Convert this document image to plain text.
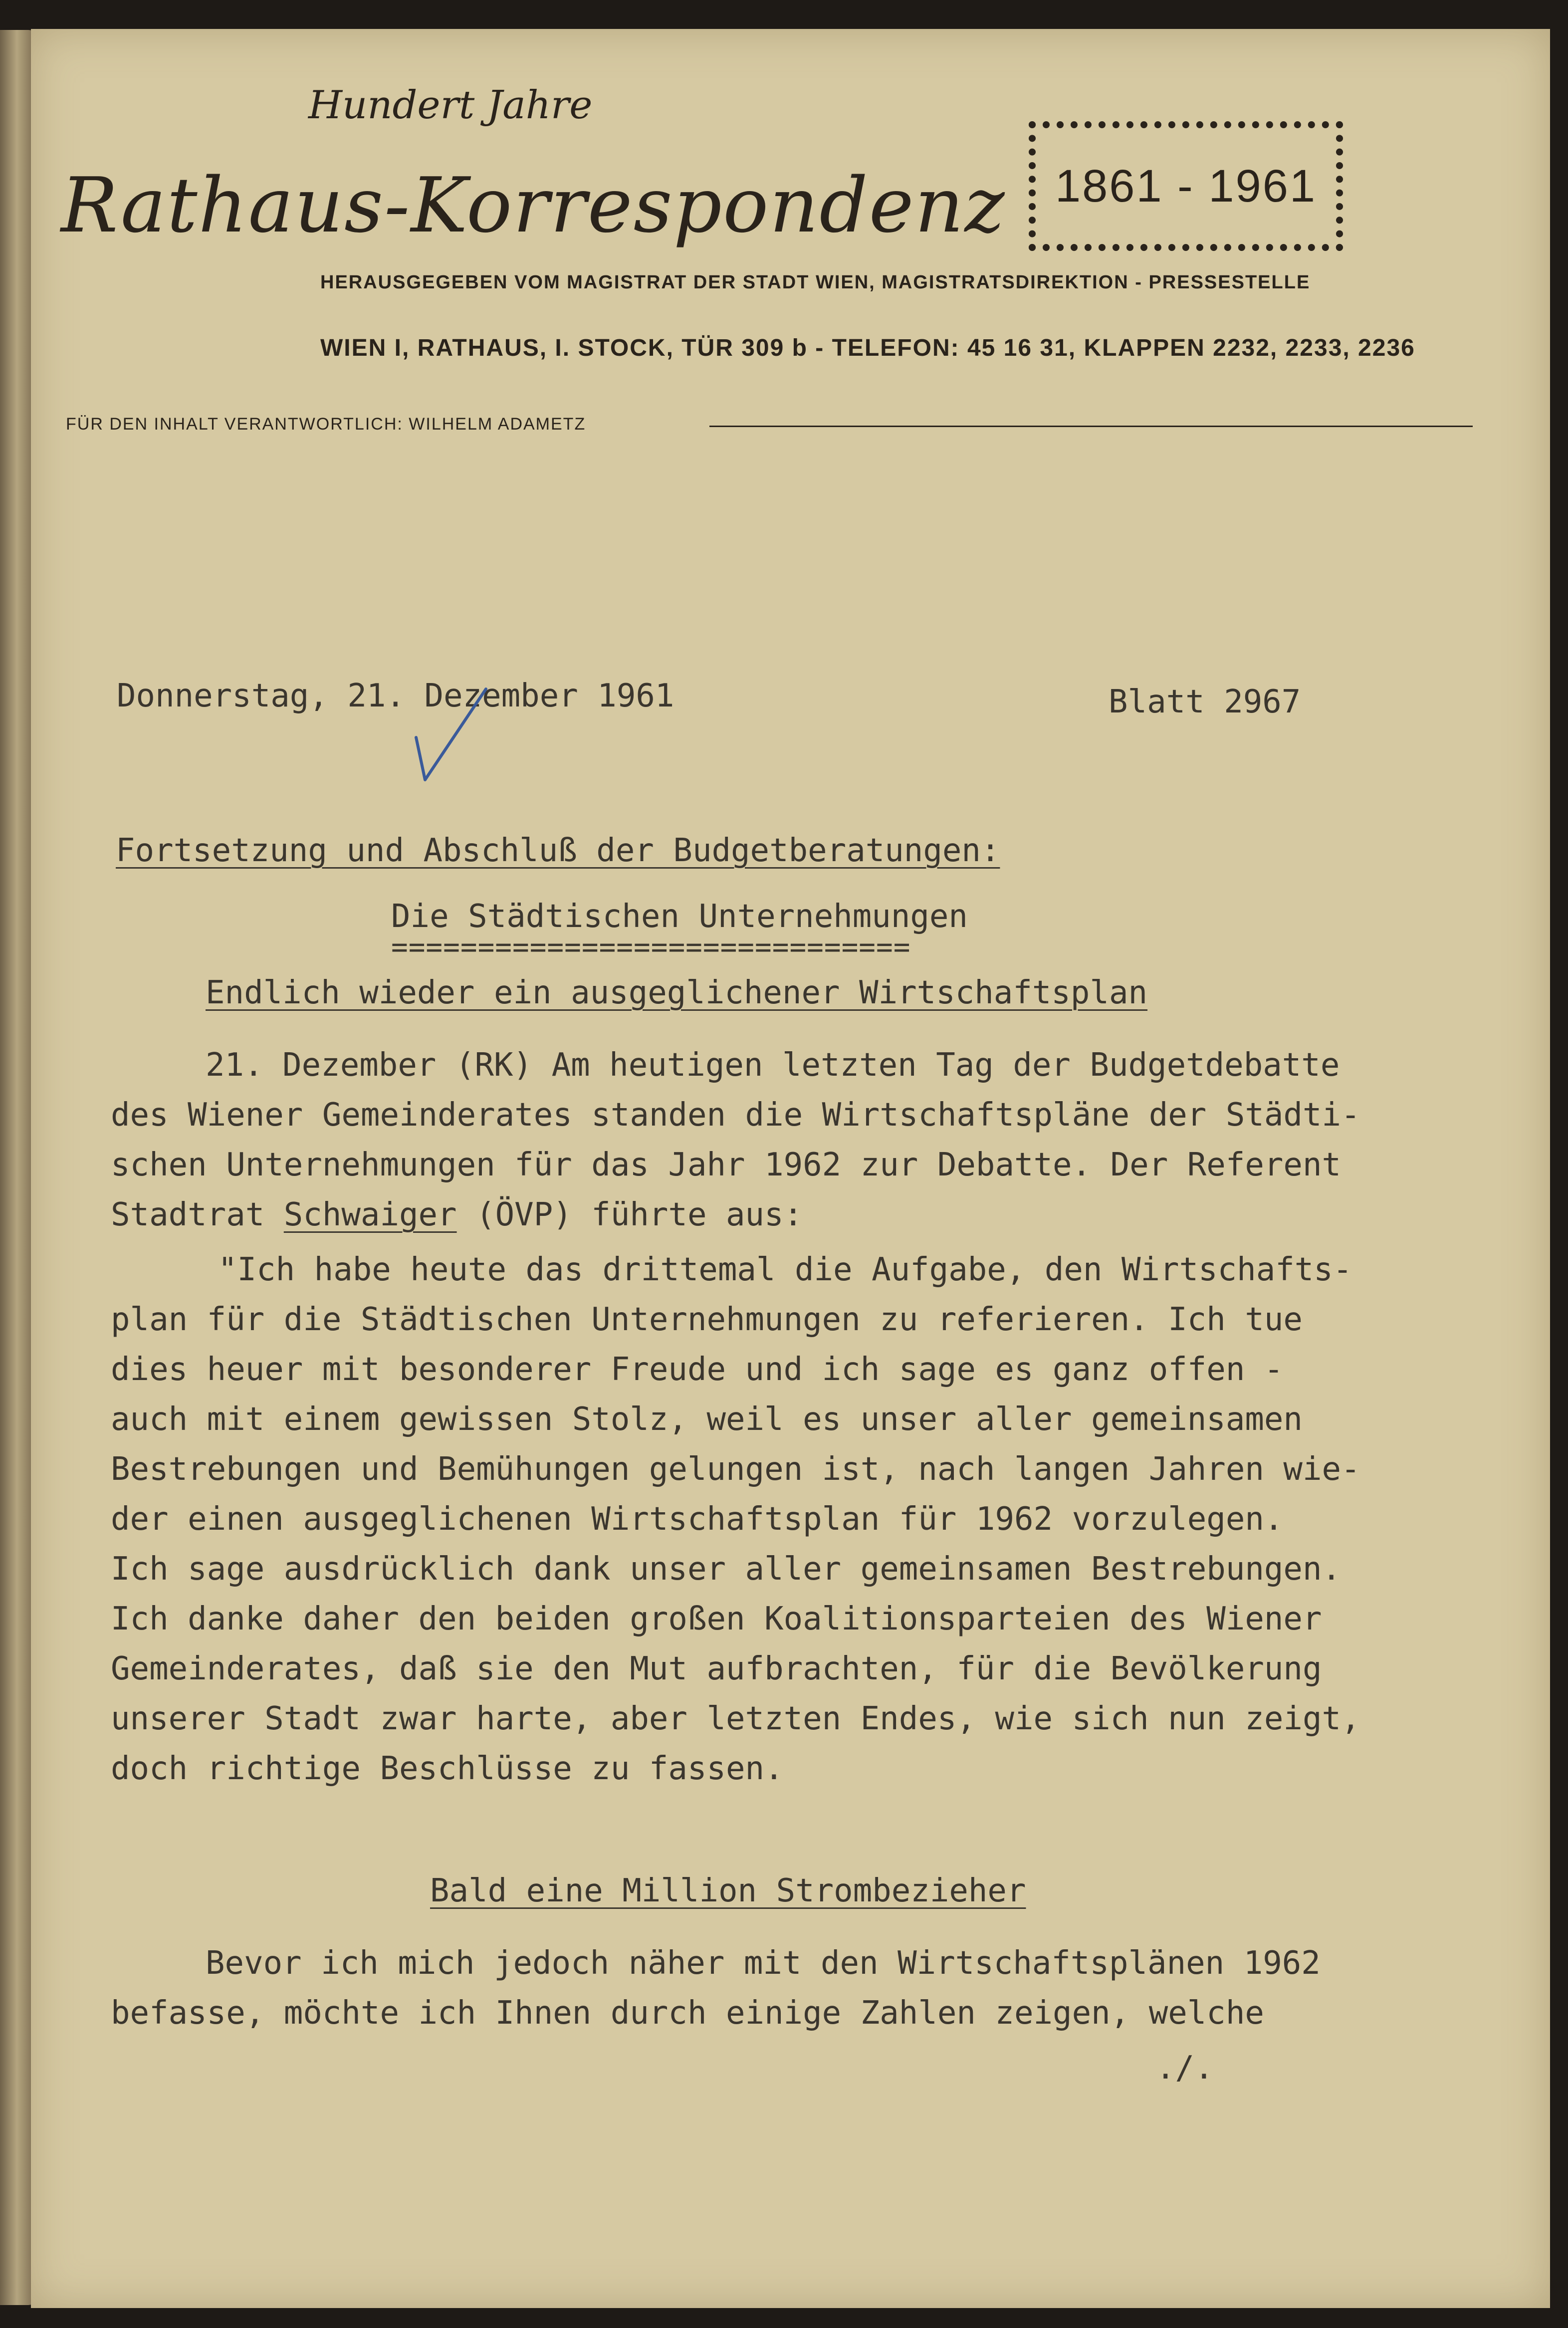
Hundert Jahre
Rathaus-Korrespondenz 1861 - 1961
HERAUSGEGEBEN VOM MAGISTRAT DER STADT WIEN, MAGISTRATSDIREKTION - PRESSESTELLE
WIEN I, RATHAUS, I. STOCK, TÜR 309 b - TELEFON: 45 16 31, KLAPPEN 2232, 2233, 2236
FÜR DEN INHALT VERANTWORTLICH: WILHELM ADAMETZ
Donnerstag, 21. Dezember 1961	Blatt 2967
Fortsetzung und Abschluß der Budgetberatungen:
Die Städtischen Unternehmungen
==============================
Endlich wieder ein ausgeglichener Wirtschaftsplan
21. Dezember (RK) Am heutigen letzten Tag der Budgetdebatte
des Wiener Gemeinderates standen die Wirtschaftspläne der Städti-
schen Unternehmungen für das Jahr 1962 zur Debatte. Der Referent
Stadtrat Schwaiger (ÖVP) führte aus:
"Ich habe heute das drittemal die Aufgabe, den Wirtschafts-
plan für die Städtischen Unternehmungen zu referieren. Ich tue
dies heuer mit besonderer Freude und ich sage es ganz offen -
auch mit einem gewissen Stolz, weil es unser aller gemeinsamen
Bestrebungen und Bemühungen gelungen ist, nach langen Jahren wie-
der einen ausgeglichenen Wirtschaftsplan für 1962 vorzulegen.
Ich sage ausdrücklich dank unser aller gemeinsamen Bestrebungen.
Ich danke daher den beiden großen Koalitionsparteien des Wiener
Gemeinderates, daß sie den Mut aufbrachten, für die Bevölkerung
unserer Stadt zwar harte, aber letzten Endes, wie sich nun zeigt,
doch richtige Beschlüsse zu fassen.
Bald eine Million Strombezieher
Bevor ich mich jedoch näher mit den Wirtschaftsplänen 1962
befasse, möchte ich Ihnen durch einige Zahlen zeigen, welche
./.
